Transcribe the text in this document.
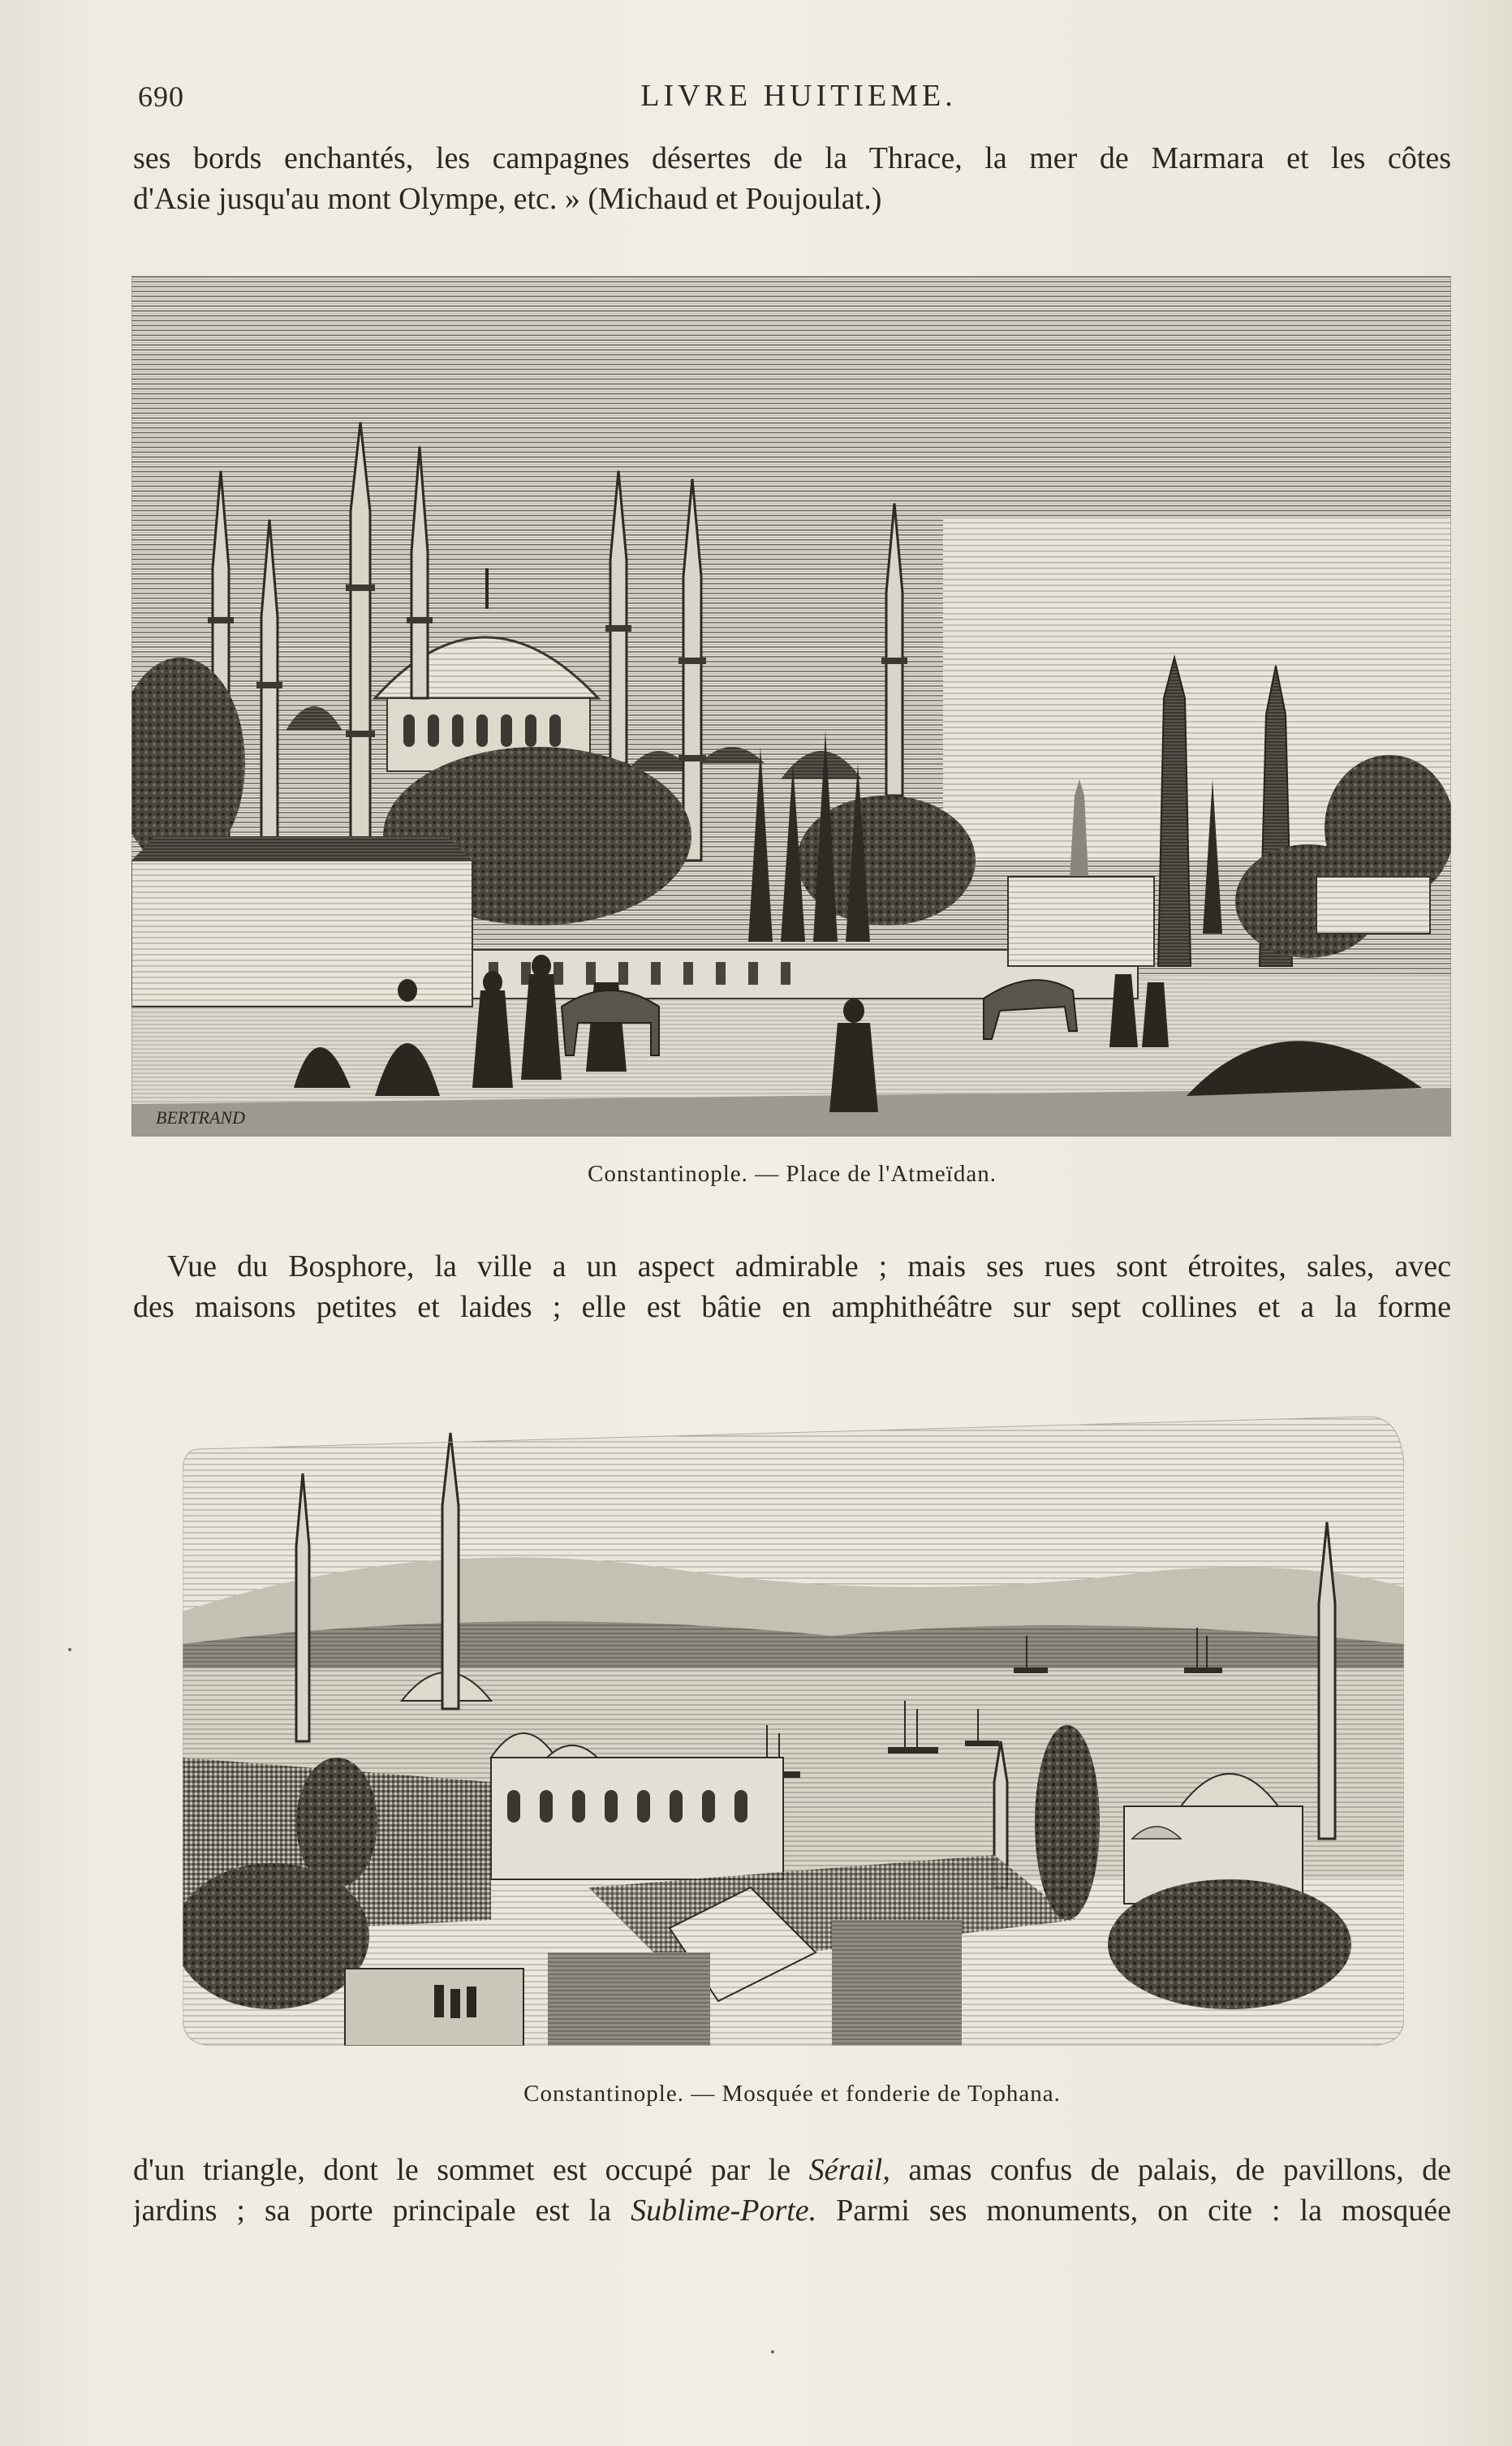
690	LIVRE HUITIEME.
ses bords enchantés, les campagnes désertes de la Thrace, la mer de Marmara et les côtes
d'Asie jusqu'au mont Olympe, etc. » (Michaud et Poujoulat.)
BERTRAND
Constantinople. — Place de l'Atmeïdan.
Vue du Bosphore, la ville a un aspect admirable ; mais ses rues sont étroites, sales, avec
des maisons petites et laides ; elle est bâtie en amphithéâtre sur sept collines et a la forme
Constantinople. — Mosquée et fonderie de Tophana.
d'un triangle, dont le sommet est occupé par le Sérail, amas confus de palais, de pavillons, de
jardins ; sa porte principale est la Sublime-Porte. Parmi ses monuments, on cite : la mosquée
